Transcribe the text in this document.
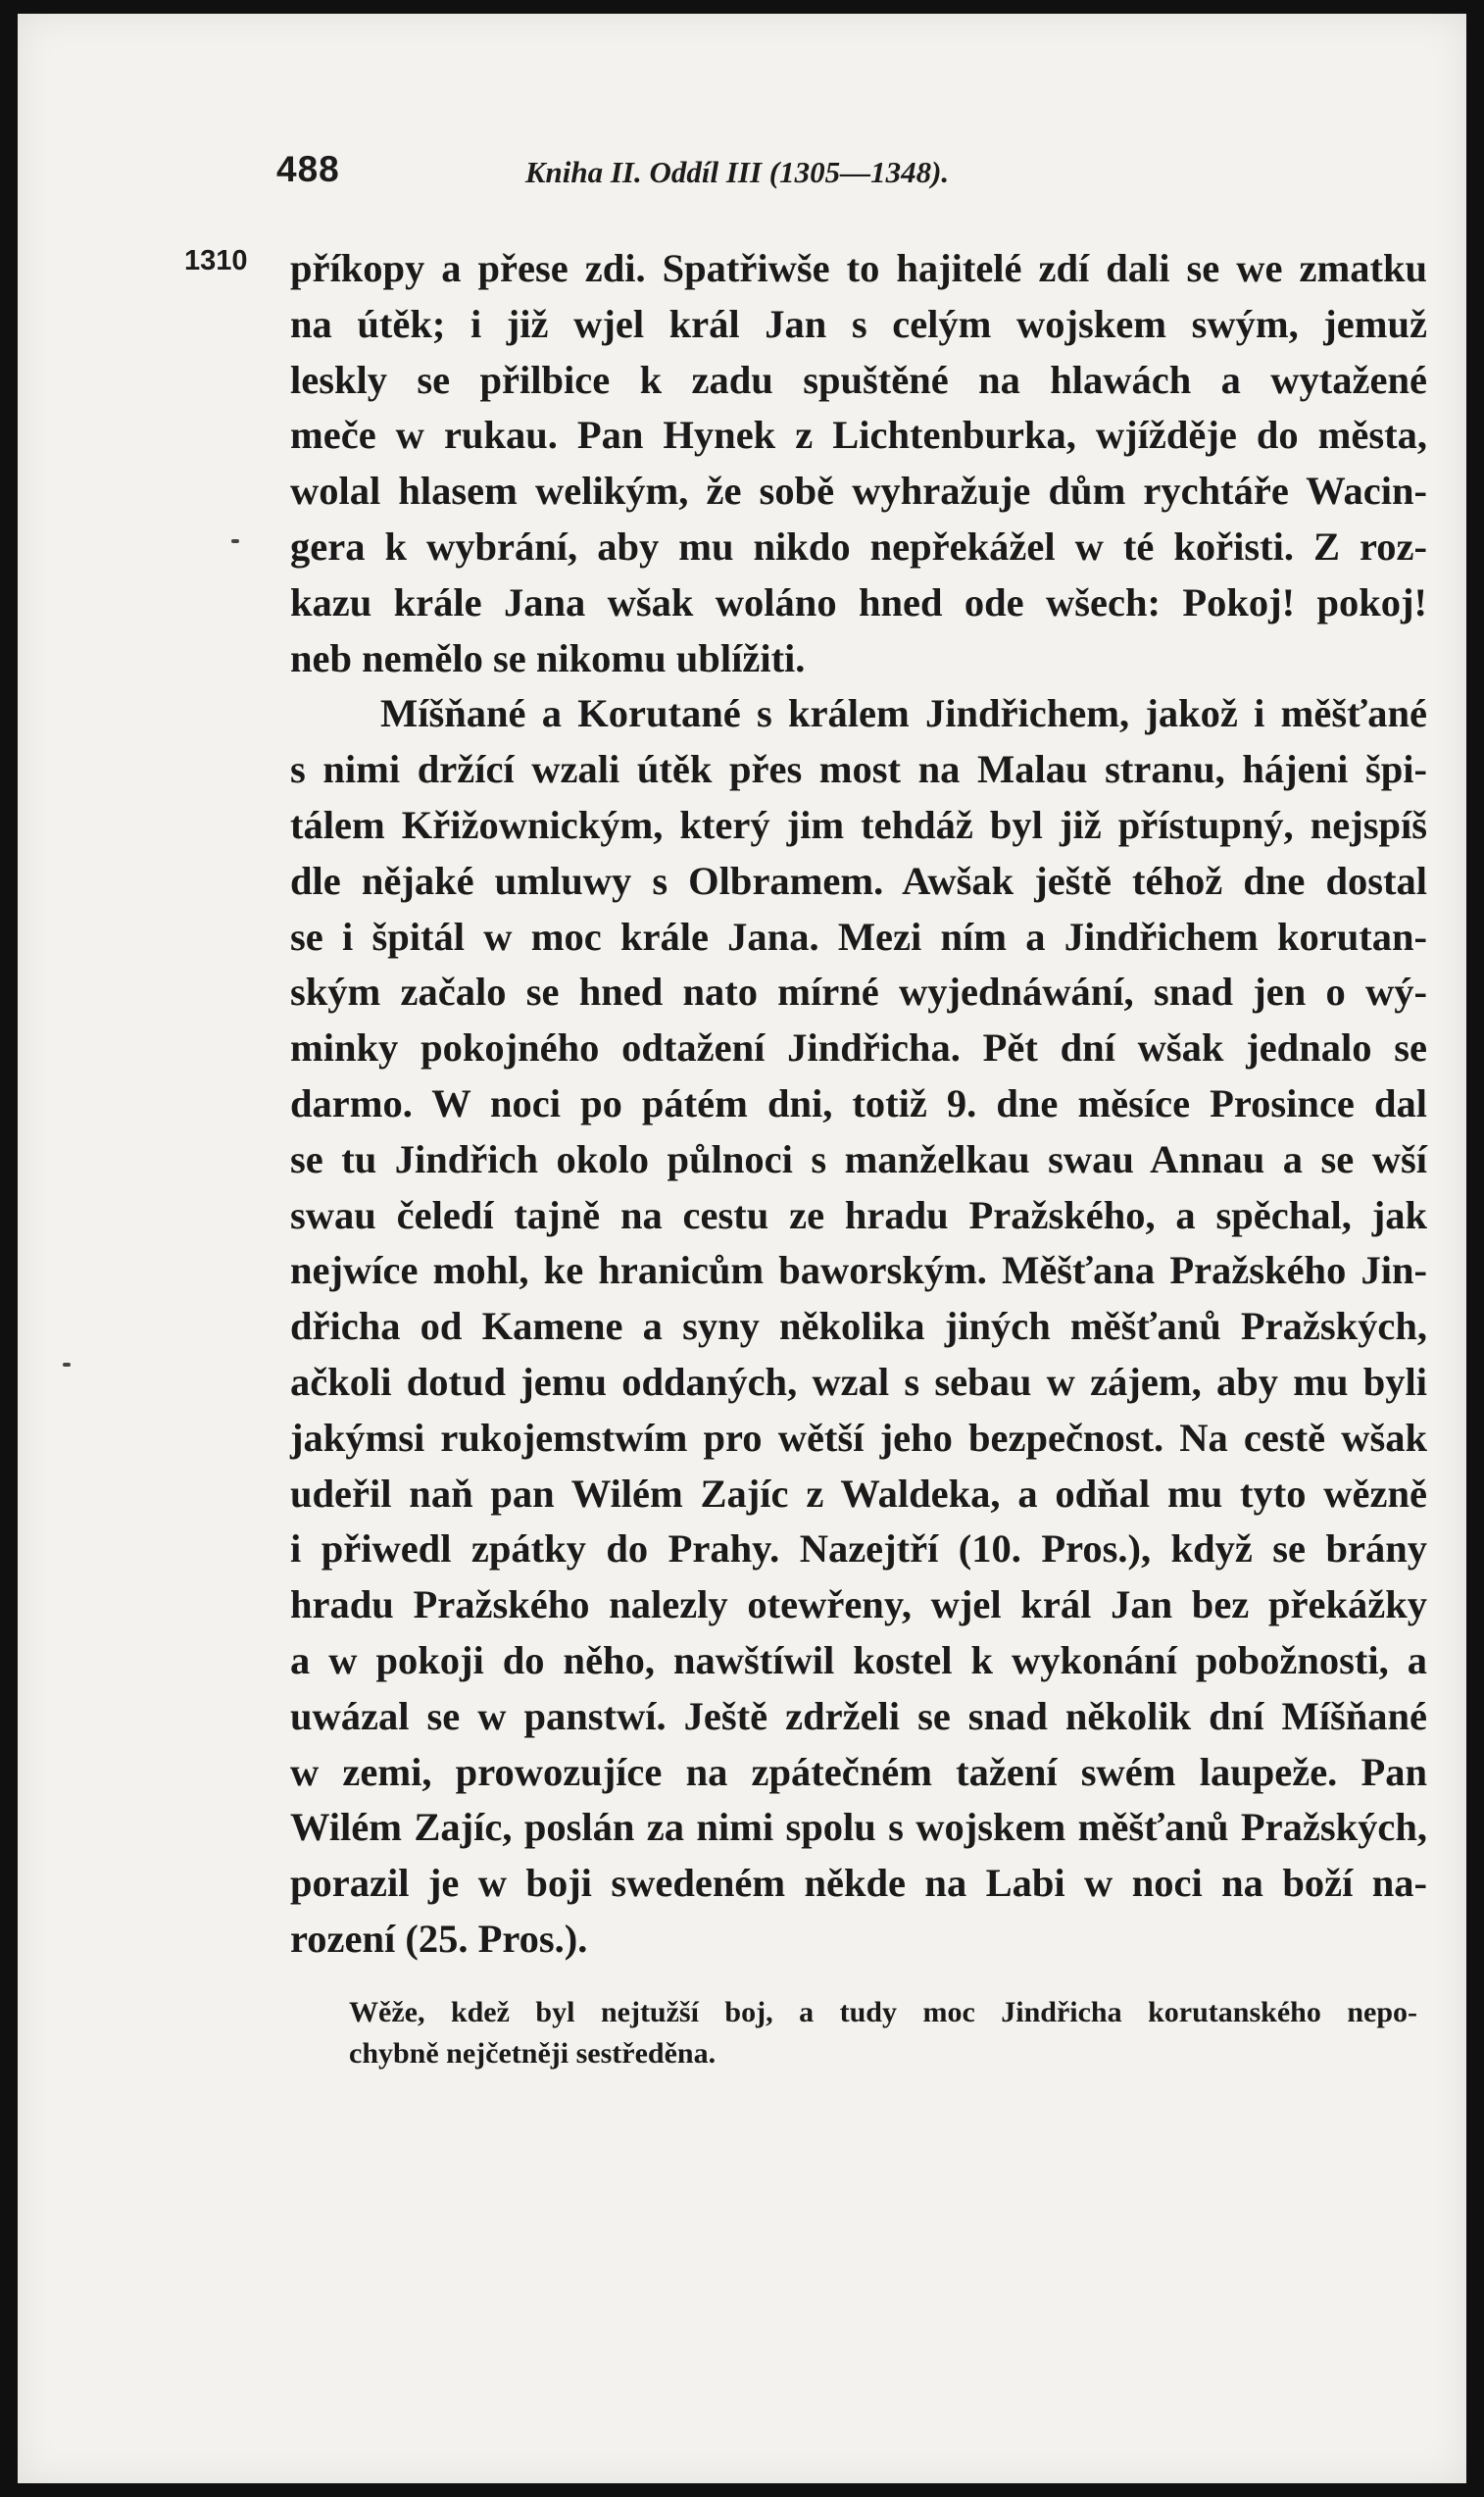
488	Kniha II. Oddíl III (1305—1348).
1310 příkopy a přese zdi. Spatřiwše to hajitelé zdí dali se we zmatku
na útěk; i již wjel král Jan s celým wojskem swým, jemuž
leskly se přilbice k zadu spuštěné na hlawách a wytažené
meče w rukau. Pan Hynek z Lichtenburka, wjížděje do města,
wolal hlasem welikým, že sobě wyhražuje dům rychtáře Wacin-
gera k wybrání, aby mu nikdo nepřekážel w té kořisti. Z roz-
kazu krále Jana wšak woláno hned ode wšech: Pokoj! pokoj!
neb nemělo se nikomu ublížiti.
Míšňané a Korutané s králem Jindřichem, jakož i měšťané
s nimi držící wzali útěk přes most na Malau stranu, hájeni špi-
tálem Křižownickým, který jim tehdáž byl již přístupný, nejspíš
dle nějaké umluwy s Olbramem. Awšak ještě téhož dne dostal
se i špitál w moc krále Jana. Mezi ním a Jindřichem korutan-
ským začalo se hned nato mírné wyjednáwání, snad jen o wý-
minky pokojného odtažení Jindřicha. Pět dní wšak jednalo se
darmo. W noci po pátém dni, totiž 9. dne měsíce Prosince dal
se tu Jindřich okolo půlnoci s manželkau swau Annau a se wší
swau čeledí tajně na cestu ze hradu Pražského, a spěchal, jak
nejwíce mohl, ke hranicům baworským. Měšťana Pražského Jin-
dřicha od Kamene a syny několika jiných měšťanů Pražských,
ačkoli dotud jemu oddaných, wzal s sebau w zájem, aby mu byli
jakýmsi rukojemstwím pro wětší jeho bezpečnost. Na cestě wšak
udeřil naň pan Wilém Zajíc z Waldeka, a odňal mu tyto wězně
i přiwedl zpátky do Prahy. Nazejtří (10. Pros.), když se brány
hradu Pražského nalezly otewřeny, wjel král Jan bez překážky
a w pokoji do něho, nawštíwil kostel k wykonání pobožnosti, a
uwázal se w panstwí. Ještě zdrželi se snad několik dní Míšňané
w zemi, prowozujíce na zpátečném tažení swém laupeže. Pan
Wilém Zajíc, poslán za nimi spolu s wojskem měšťanů Pražských,
porazil je w boji swedeném někde na Labi w noci na boží na-
rození (25. Pros.).
Wěže, kdež byl nejtužší boj, a tudy moc Jindřicha korutanského nepo-
chybně nejčetněji sestředěna.
